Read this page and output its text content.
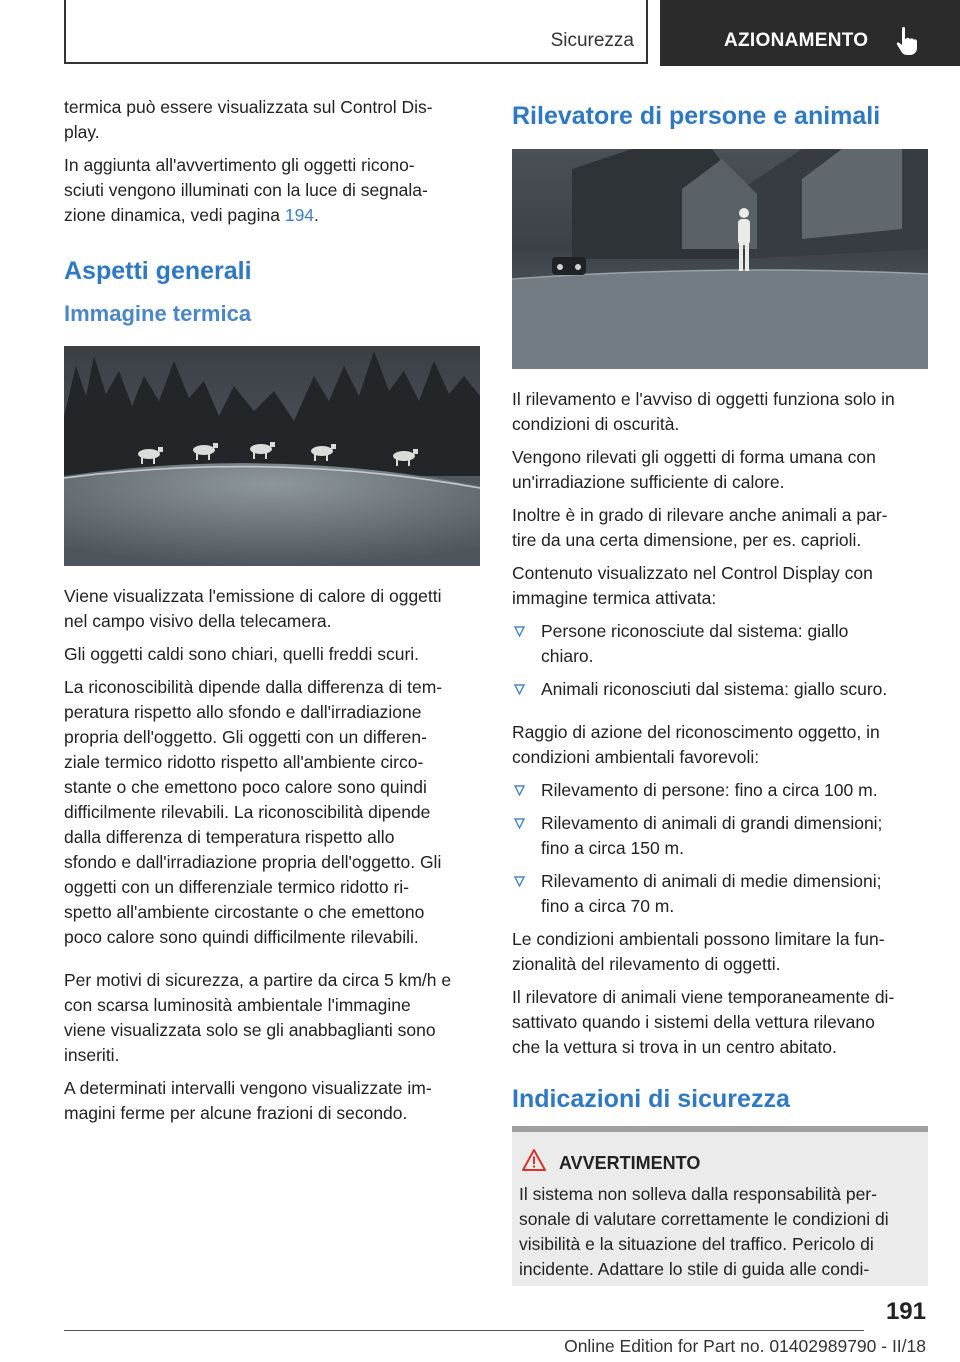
Sicurezza	AZIONAMENTO

termica può essere visualizzata sul Control Dis-
play.

In aggiunta all'avvertimento gli oggetti ricono-
sciuti vengono illuminati con la luce di segnala-
zione dinamica, vedi pagina 194.

Aspetti generali
Immagine termica

Viene visualizzata l'emissione di calore di oggetti
nel campo visivo della telecamera.

Gli oggetti caldi sono chiari, quelli freddi scuri.

La riconoscibilità dipende dalla differenza di tem-
peratura rispetto allo sfondo e dall'irradiazione
propria dell'oggetto. Gli oggetti con un differen-
ziale termico ridotto rispetto all'ambiente circo-
stante o che emettono poco calore sono quindi
difficilmente rilevabili. La riconoscibilità dipende
dalla differenza di temperatura rispetto allo
sfondo e dall'irradiazione propria dell'oggetto. Gli
oggetti con un differenziale termico ridotto ri-
spetto all'ambiente circostante o che emettono
poco calore sono quindi difficilmente rilevabili.

Per motivi di sicurezza, a partire da circa 5 km/h e
con scarsa luminosità ambientale l'immagine
viene visualizzata solo se gli anabbaglianti sono
inseriti.

A determinati intervalli vengono visualizzate im-
magini ferme per alcune frazioni di secondo.

Rilevatore di persone e animali

Il rilevamento e l'avviso di oggetti funziona solo in
condizioni di oscurità.

Vengono rilevati gli oggetti di forma umana con
un'irradiazione sufficiente di calore.

Inoltre è in grado di rilevare anche animali a par-
tire da una certa dimensione, per es. caprioli.

Contenuto visualizzato nel Control Display con
immagine termica attivata:

Persone riconosciute dal sistema: giallo
chiaro.
Animali riconosciuti dal sistema: giallo scuro.

Raggio di azione del riconoscimento oggetto, in
condizioni ambientali favorevoli:

Rilevamento di persone: fino a circa 100 m.
Rilevamento di animali di grandi dimensioni;
fino a circa 150 m.
Rilevamento di animali di medie dimensioni;
fino a circa 70 m.

Le condizioni ambientali possono limitare la fun-
zionalità del rilevamento di oggetti.

Il rilevatore di animali viene temporaneamente di-
sattivato quando i sistemi della vettura rilevano
che la vettura si trova in un centro abitato.

Indicazioni di sicurezza
AVVERTIMENTO

Il sistema non solleva dalla responsabilità per-
sonale di valutare correttamente le condizioni di
visibilità e la situazione del traffico. Pericolo di
incidente. Adattare lo stile di guida alle condi-

191
Online Edition for Part no. 01402989790 - II/18
